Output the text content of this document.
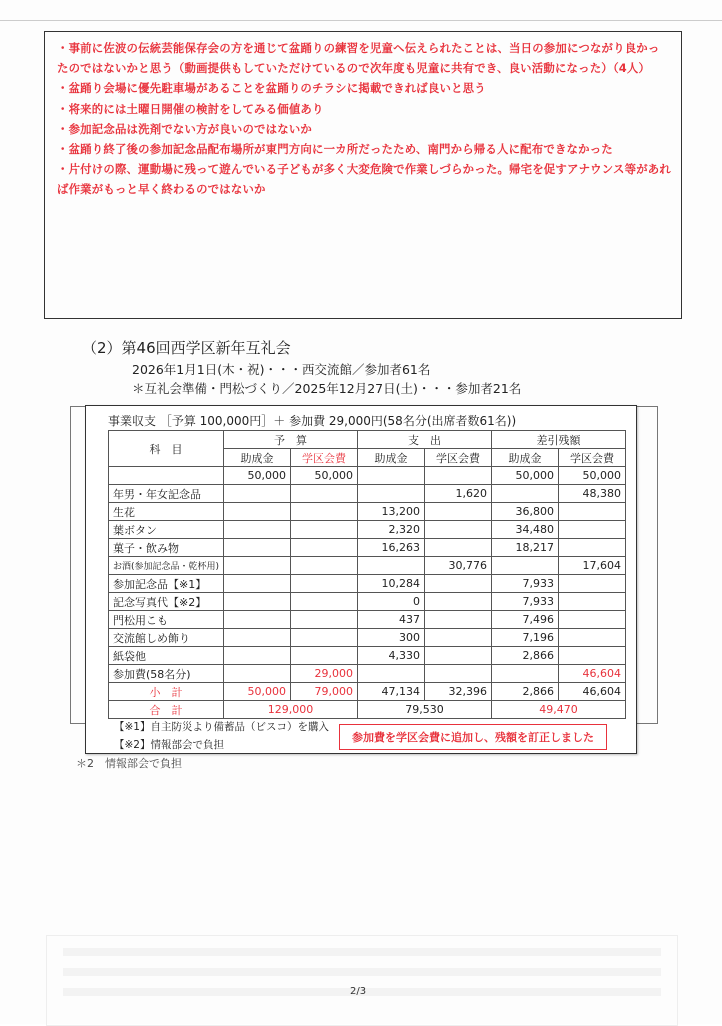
・事前に佐波の伝統芸能保存会の方を通じて盆踊りの練習を児童へ伝えられたことは、当日の参加につながり良かったのではないかと思う（動画提供もしていただけているので次年度も児童に共有でき、良い活動になった）（4人）

・盆踊り会場に優先駐車場があることを盆踊りのチラシに掲載できれば良いと思う

・将来的には土曜日開催の検討をしてみる価値あり

・参加記念品は洗剤でない方が良いのではないか

・盆踊り終了後の参加記念品配布場所が東門方向に一カ所だったため、南門から帰る人に配布できなかった

・片付けの際、運動場に残って遊んでいる子どもが多く大変危険で作業しづらかった。帰宅を促すアナウンス等があれば作業がもっと早く終わるのではないか

（2）第46回西学区新年互礼会
2026年1月1日(木・祝)・・・西交流館／参加者61名
＊互礼会準備・門松づくり／2025年12月27日(土)・・・参加者21名
事業収支 ［予算 100,000円］＋ 参加費 29,000円(58名分(出席者数61名))
科　目	予　算		支　出		差引残額	
	助成金	学区会費	助成金	学区会費	助成金	学区会費
	50,000	50,000			50,000	50,000
年男・年女記念品				1,620		48,380
生花			13,200		36,800	
葉ボタン			2,320		34,480	
菓子・飲み物			16,263		18,217	
お酒(参加記念品・乾杯用)				30,776		17,604
参加記念品【※1】			10,284		7,933	
記念写真代【※2】			0		7,933	
門松用こも			437		7,496	
交流館しめ飾り			300		7,196	
紙袋他			4,330		2,866	
参加費(58名分)		29,000				46,604
小　計	50,000	79,000	47,134	32,396	2,866	46,604
合　計	129,000		79,530		49,470	
【※1】自主防災より備蓄品（ビスコ）を購入
【※2】情報部会で負担
参加費を学区会費に追加し、残額を訂正しました
＊2　情報部会で負担
2/3
